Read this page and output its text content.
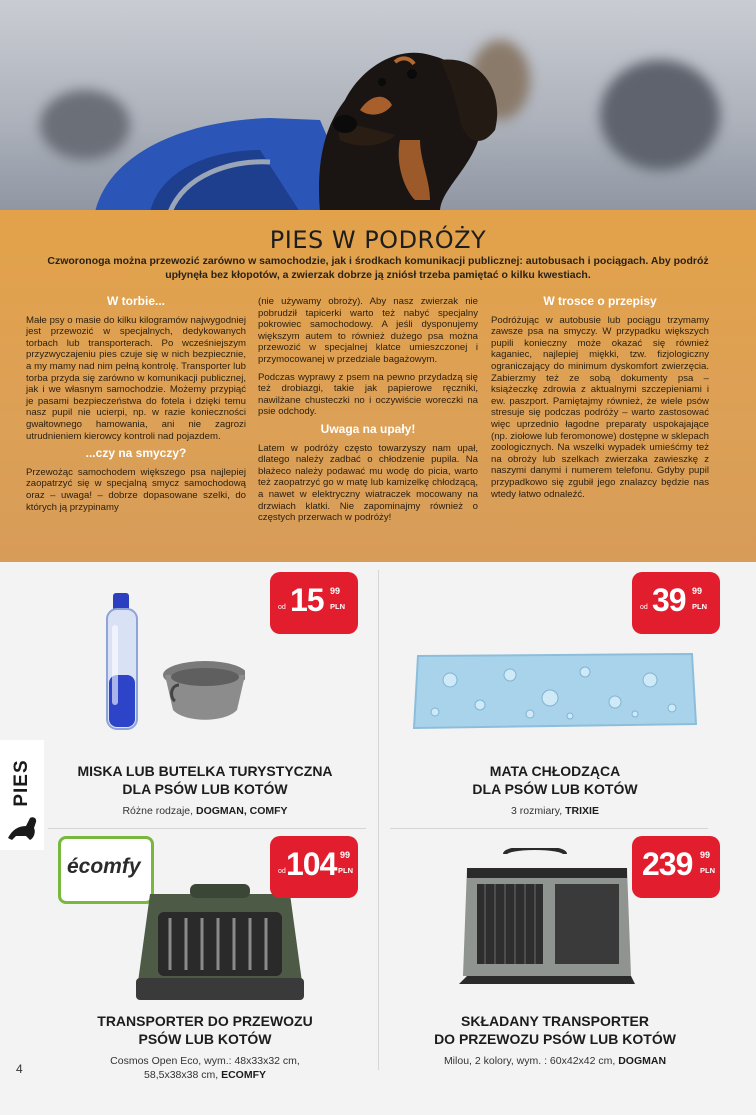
PIES W PODRÓŻY
Czworonoga można przewozić zarówno w samochodzie, jak i środkach komunikacji publicznej: autobusach i pociągach. Aby podróż upłynęła bez kłopotów, a zwierzak dobrze ją zniósł trzeba pamiętać o kilku kwestiach.
W torbie...

Małe psy o masie do kilku kilogramów najwygodniej jest przewozić w specjalnych, dedykowanych torbach lub transporterach. Po wcześniejszym przyzwyczajeniu pies czuje się w nich bezpiecznie, a my mamy nad nim pełną kontrolę. Transporter lub torba przyda się zarówno w komunikacji publicznej, jak i we własnym samochodzie. Możemy przypiąć je pasami bezpieczeństwa do fotela i dzięki temu nasz pupil nie ucierpi, np. w razie konieczności gwałtownego hamowania, ani nie zagrozi utrudnieniem kierowcy kontroli nad pojazdem.

...czy na smyczy?

Przewożąc samochodem większego psa najlepiej zaopatrzyć się w specjalną smycz samochodową oraz – uwaga! – dobrze dopasowane szelki, do których ją przypinamy

(nie używamy obroży). Aby nasz zwierzak nie pobrudził tapicerki warto też nabyć specjalny pokrowiec samochodowy. A jeśli dysponujemy większym autem to również dużego psa można przewozić w specjalnej klatce umieszczonej i przymocowanej w przedziale bagażowym.

Podczas wyprawy z psem na pewno przydadzą się też drobiazgi, takie jak papierowe ręczniki, nawilżane chusteczki no i oczywiście woreczki na psie odchody.

Uwaga na upały!

Latem w podróży często towarzyszy nam upał, dlatego należy zadbać o chłodzenie pupila. Na błażeco należy podawać mu wodę do picia, warto też zaopatrzyć go w matę lub kamizelkę chłodzącą, a nawet w elektryczny wiatraczek mocowany na drzwiach klatki. Nie zapominajmy również o częstych przerwach w podróży!

W trosce o przepisy

Podróżując w autobusie lub pociągu trzymamy zawsze psa na smyczy. W przypadku większych pupili konieczny może okazać się również kaganiec, najlepiej miękki, tzw. fizjologiczny ograniczający do minimum dyskomfort zwierzęcia. Zabierzmy też ze sobą dokumenty psa – książeczkę zdrowia z aktualnymi szczepieniami i ew. paszport. Pamiętajmy również, że wiele psów stresuje się podczas podróży – warto zastosować więc uprzednio łagodne preparaty uspokajające (np. ziołowe lub feromonowe) dostępne w sklepach zoologicznych. Na wszelki wypadek umieśćmy też na obroży lub szelkach zwierzaka zawieszkę z naszymi danymi i numerem telefonu. Gdyby pupil przypadkowo się zgubił jego znalazcy będzie nas wtedy łatwo odnaleźć.

PIES
od 15 99
PLN
MISKA LUB BUTELKA TURYSTYCZNA
DLA PSÓW LUB KOTÓW
Różne rodzaje, DOGMAN, COMFY
od 39 99
PLN
MATA CHŁODZĄCA
DLA PSÓW LUB KOTÓW
3 rozmiary, TRIXIE
écomfy	od 104 99
PLN
TRANSPORTER DO PRZEWOZU
PSÓW LUB KOTÓW
Cosmos Open Eco, wym.: 48x33x32 cm,
58,5x38x38 cm, ECOMFY
239 99
PLN
SKŁADANY TRANSPORTER
DO PRZEWOZU PSÓW LUB KOTÓW
Milou, 2 kolory, wym. : 60x42x42 cm, DOGMAN
4
